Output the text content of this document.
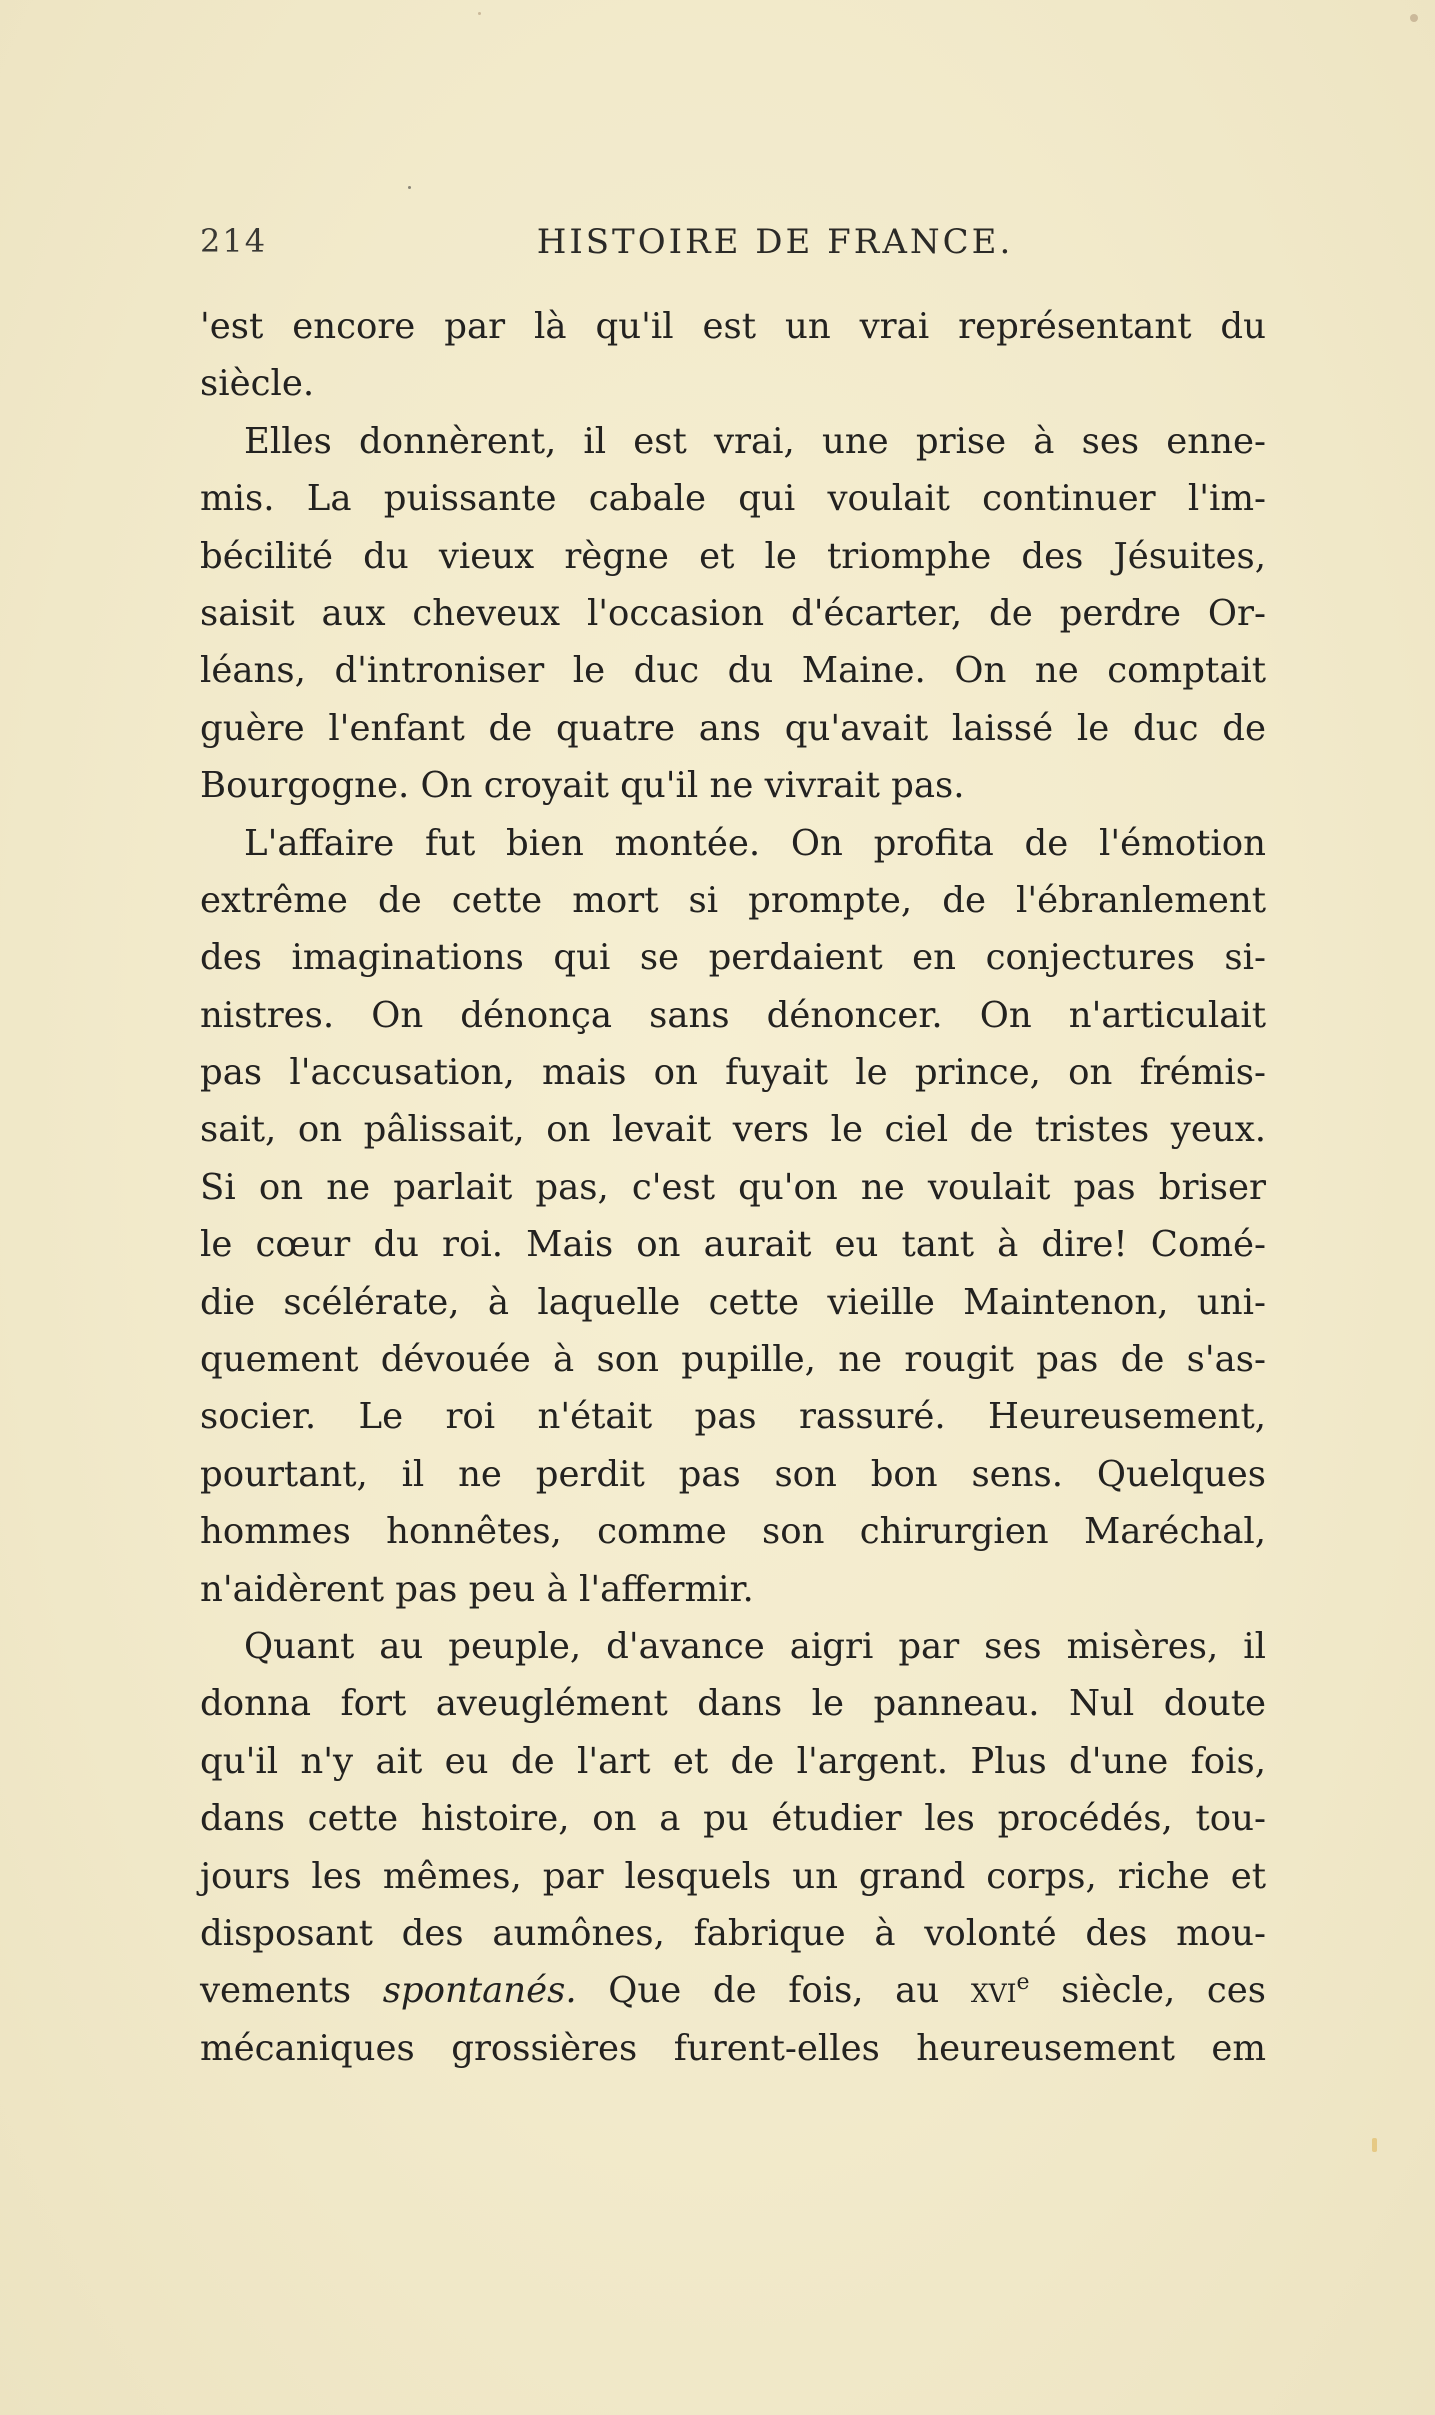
214	HISTOIRE DE FRANCE.
'est encore par là qu'il est un vrai représentant du
siècle.
Elles donnèrent, il est vrai, une prise à ses enne-
mis. La puissante cabale qui voulait continuer l'im-
bécilité du vieux règne et le triomphe des Jésuites,
saisit aux cheveux l'occasion d'écarter, de perdre Or-
léans, d'introniser le duc du Maine. On ne comptait
guère l'enfant de quatre ans qu'avait laissé le duc de
Bourgogne. On croyait qu'il ne vivrait pas.
L'affaire fut bien montée. On profita de l'émotion
extrême de cette mort si prompte, de l'ébranlement
des imaginations qui se perdaient en conjectures si-
nistres. On dénonça sans dénoncer. On n'articulait
pas l'accusation, mais on fuyait le prince, on frémis-
sait, on pâlissait, on levait vers le ciel de tristes yeux.
Si on ne parlait pas, c'est qu'on ne voulait pas briser
le cœur du roi. Mais on aurait eu tant à dire! Comé-
die scélérate, à laquelle cette vieille Maintenon, uni-
quement dévouée à son pupille, ne rougit pas de s'as-
socier. Le roi n'était pas rassuré. Heureusement,
pourtant, il ne perdit pas son bon sens. Quelques
hommes honnêtes, comme son chirurgien Maréchal,
n'aidèrent pas peu à l'affermir.
Quant au peuple, d'avance aigri par ses misères, il
donna fort aveuglément dans le panneau. Nul doute
qu'il n'y ait eu de l'art et de l'argent. Plus d'une fois,
dans cette histoire, on a pu étudier les procédés, tou-
jours les mêmes, par lesquels un grand corps, riche et
disposant des aumônes, fabrique à volonté des mou-
vements spontanés. Que de fois, au xvi$^e$ siècle, ces
mécaniques grossières furent-elles heureusement em
